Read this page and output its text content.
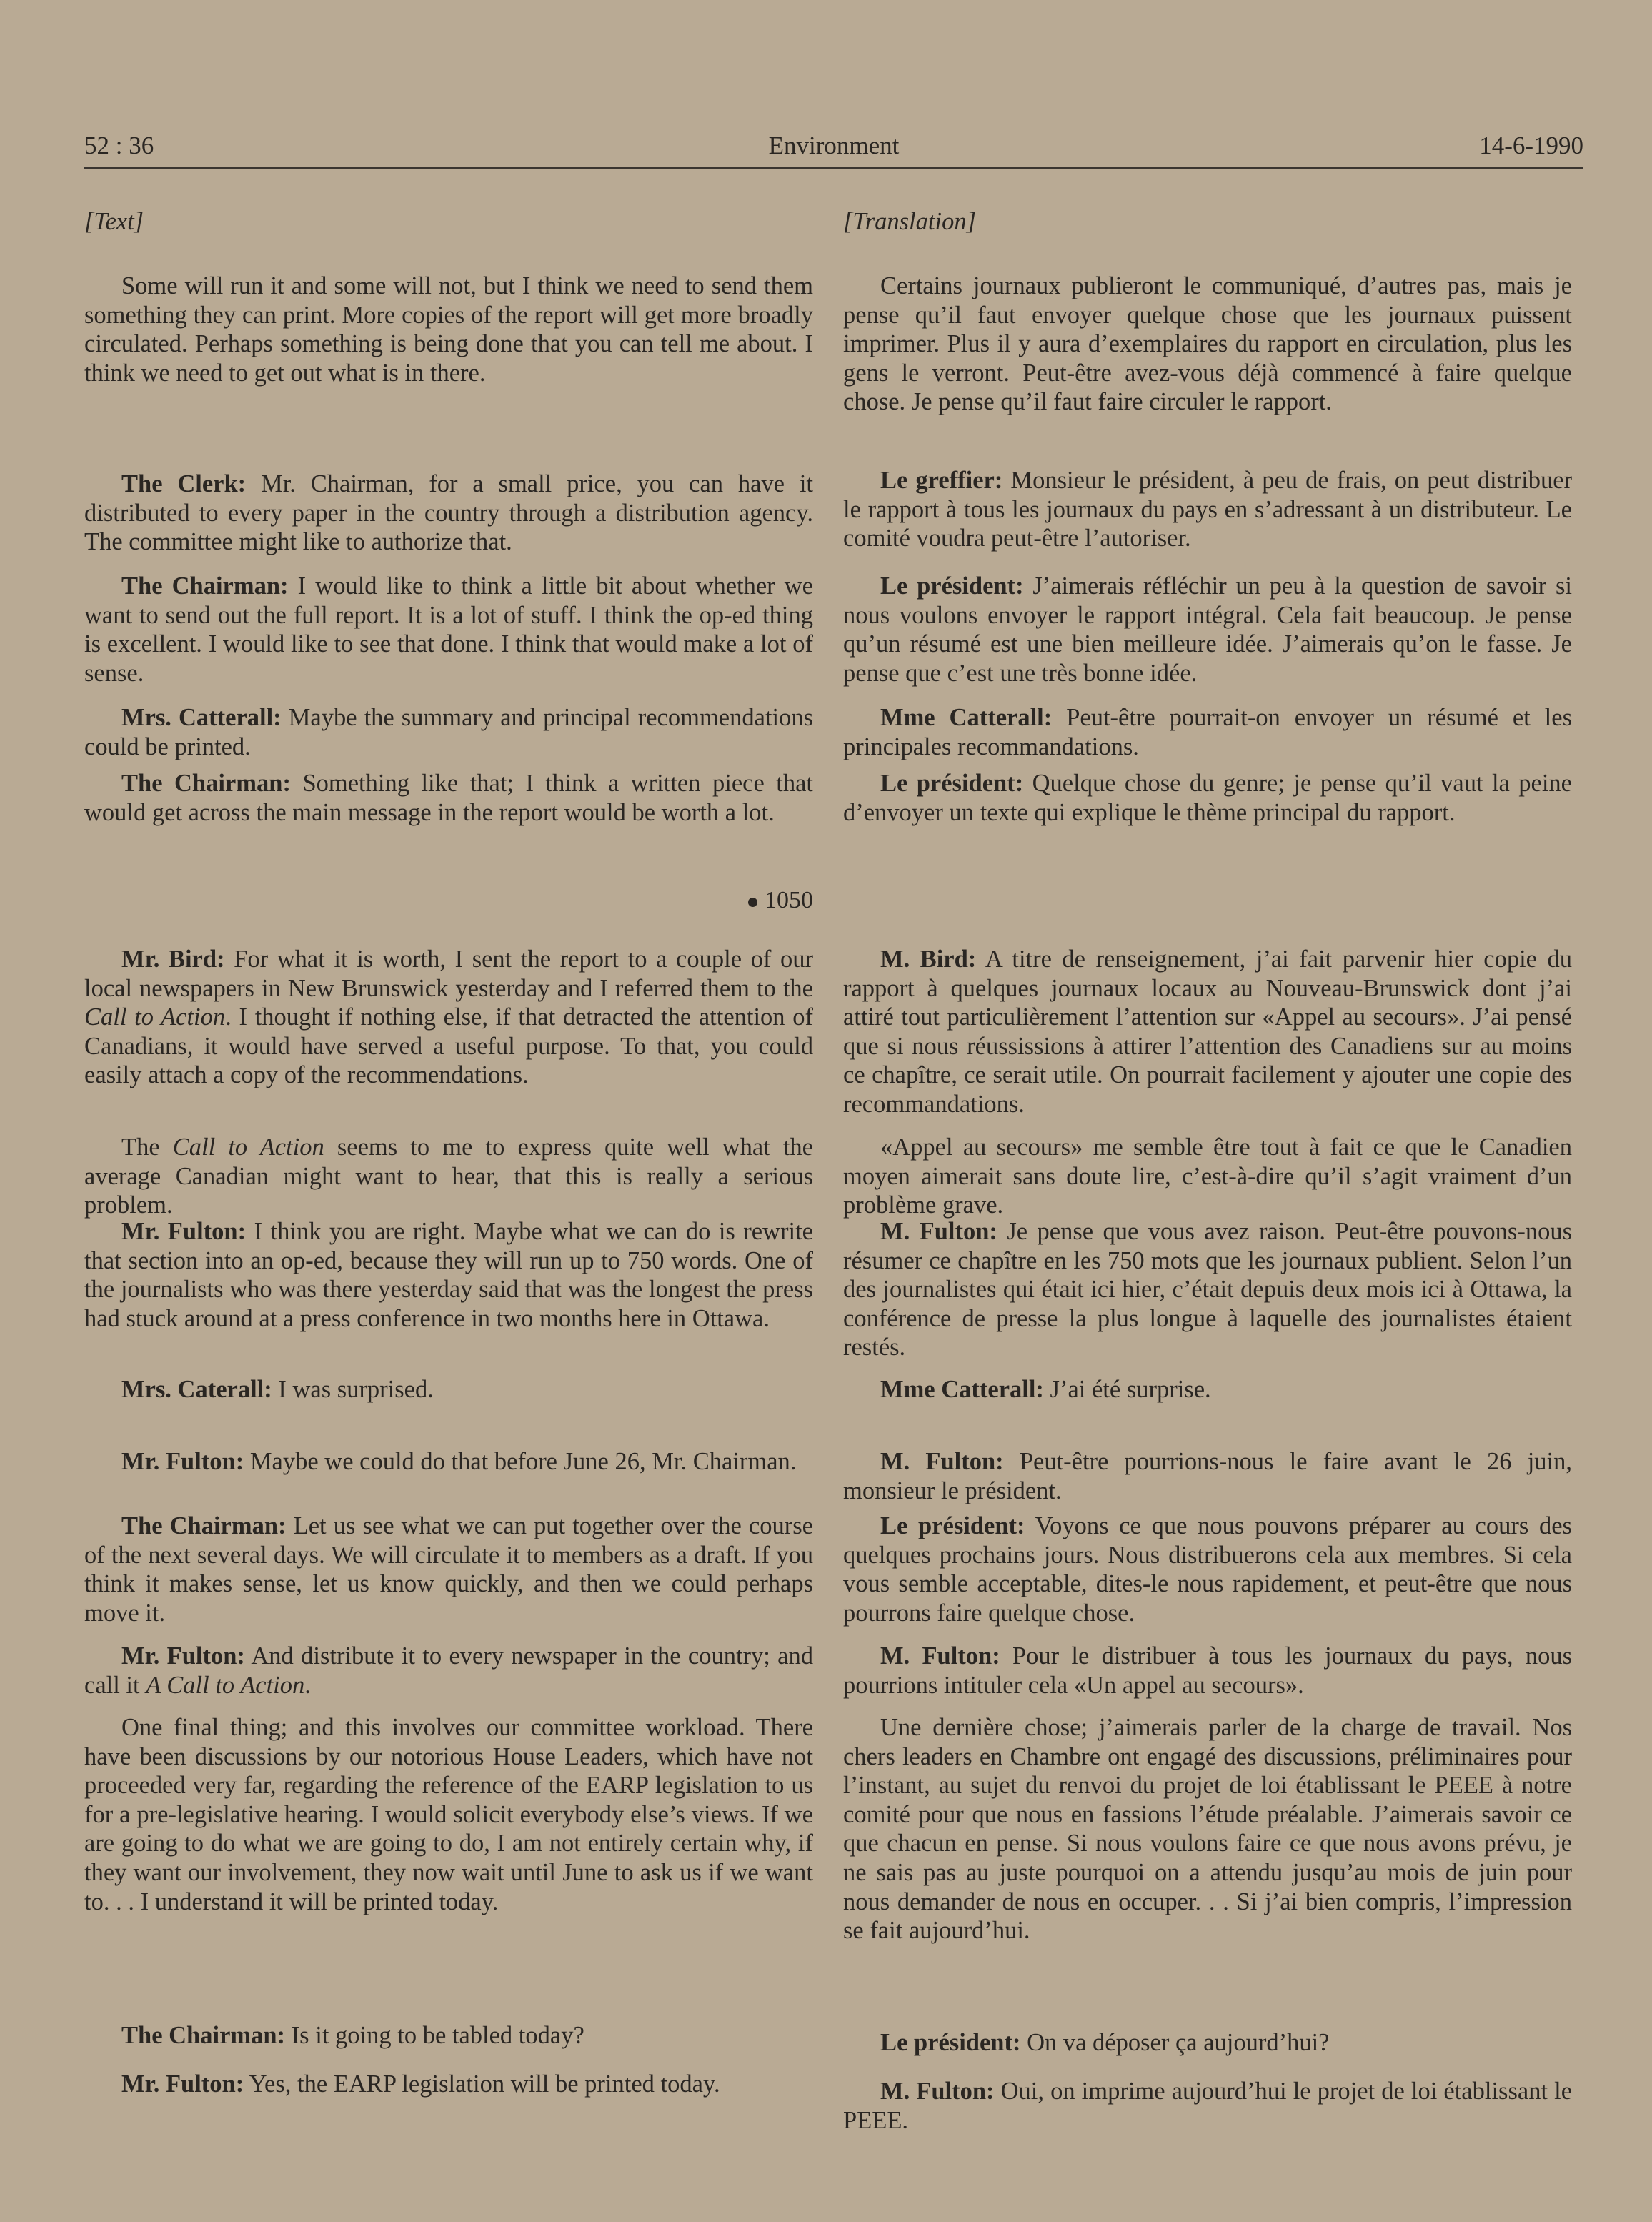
52 : 36	Environment	14-6-1990
[Text]

Some will run it and some will not, but I think we need to send them something they can print. More copies of the report will get more broadly circulated. Perhaps something is being done that you can tell me about. I think we need to get out what is in there.

The Clerk: Mr. Chairman, for a small price, you can have it distributed to every paper in the country through a distribution agency. The committee might like to authorize that.

The Chairman: I would like to think a little bit about whether we want to send out the full report. It is a lot of stuff. I think the op-ed thing is excellent. I would like to see that done. I think that would make a lot of sense.

Mrs. Catterall: Maybe the summary and principal recommendations could be printed.

The Chairman: Something like that; I think a written piece that would get across the main message in the report would be worth a lot.

Mr. Bird: For what it is worth, I sent the report to a couple of our local newspapers in New Brunswick yesterday and I referred them to the Call to Action. I thought if nothing else, if that detracted the attention of Canadians, it would have served a useful purpose. To that, you could easily attach a copy of the recommendations.

The Call to Action seems to me to express quite well what the average Canadian might want to hear, that this is really a serious problem.

Mr. Fulton: I think you are right. Maybe what we can do is rewrite that section into an op-ed, because they will run up to 750 words. One of the journalists who was there yesterday said that was the longest the press had stuck around at a press conference in two months here in Ottawa.

Mrs. Caterall: I was surprised.

Mr. Fulton: Maybe we could do that before June 26, Mr. Chairman.

The Chairman: Let us see what we can put together over the course of the next several days. We will circulate it to members as a draft. If you think it makes sense, let us know quickly, and then we could perhaps move it.

Mr. Fulton: And distribute it to every newspaper in the country; and call it A Call to Action.

One final thing; and this involves our committee workload. There have been discussions by our notorious House Leaders, which have not proceeded very far, regarding the reference of the EARP legislation to us for a pre-legislative hearing. I would solicit everybody else’s views. If we are going to do what we are going to do, I am not entirely certain why, if they want our involvement, they now wait until June to ask us if we want to. . . I understand it will be printed today.

The Chairman: Is it going to be tabled today?

Mr. Fulton: Yes, the EARP legislation will be printed today.

1050
[Translation]

Certains journaux publieront le communiqué, d’autres pas, mais je pense qu’il faut envoyer quelque chose que les journaux puissent imprimer. Plus il y aura d’exemplaires du rapport en circulation, plus les gens le verront. Peut-être avez-vous déjà commencé à faire quelque chose. Je pense qu’il faut faire circuler le rapport.

Le greffier: Monsieur le président, à peu de frais, on peut distribuer le rapport à tous les journaux du pays en s’adressant à un distributeur. Le comité voudra peut-être l’autoriser.

Le président: J’aimerais réfléchir un peu à la question de savoir si nous voulons envoyer le rapport intégral. Cela fait beaucoup. Je pense qu’un résumé est une bien meilleure idée. J’aimerais qu’on le fasse. Je pense que c’est une très bonne idée.

Mme Catterall: Peut-être pourrait-on envoyer un résumé et les principales recommandations.

Le président: Quelque chose du genre; je pense qu’il vaut la peine d’envoyer un texte qui explique le thème principal du rapport.

M. Bird: A titre de renseignement, j’ai fait parvenir hier copie du rapport à quelques journaux locaux au Nouveau-Brunswick dont j’ai attiré tout particulièrement l’attention sur «Appel au secours». J’ai pensé que si nous réussissions à attirer l’attention des Canadiens sur au moins ce chapître, ce serait utile. On pourrait facilement y ajouter une copie des recommandations.

«Appel au secours» me semble être tout à fait ce que le Canadien moyen aimerait sans doute lire, c’est-à-dire qu’il s’agit vraiment d’un problème grave.

M. Fulton: Je pense que vous avez raison. Peut-être pouvons-nous résumer ce chapître en les 750 mots que les journaux publient. Selon l’un des journalistes qui était ici hier, c’était depuis deux mois ici à Ottawa, la conférence de presse la plus longue à laquelle des journalistes étaient restés.

Mme Catterall: J’ai été surprise.

M. Fulton: Peut-être pourrions-nous le faire avant le 26 juin, monsieur le président.

Le président: Voyons ce que nous pouvons préparer au cours des quelques prochains jours. Nous distribuerons cela aux membres. Si cela vous semble acceptable, dites-le nous rapidement, et peut-être que nous pourrons faire quelque chose.

M. Fulton: Pour le distribuer à tous les journaux du pays, nous pourrions intituler cela «Un appel au secours».

Une dernière chose; j’aimerais parler de la charge de travail. Nos chers leaders en Chambre ont engagé des discussions, préliminaires pour l’instant, au sujet du renvoi du projet de loi établissant le PEEE à notre comité pour que nous en fassions l’étude préalable. J’aimerais savoir ce que chacun en pense. Si nous voulons faire ce que nous avons prévu, je ne sais pas au juste pourquoi on a attendu jusqu’au mois de juin pour nous demander de nous en occuper. . . Si j’ai bien compris, l’impression se fait aujourd’hui.

Le président: On va déposer ça aujourd’hui?

M. Fulton: Oui, on imprime aujourd’hui le projet de loi établissant le PEEE.
